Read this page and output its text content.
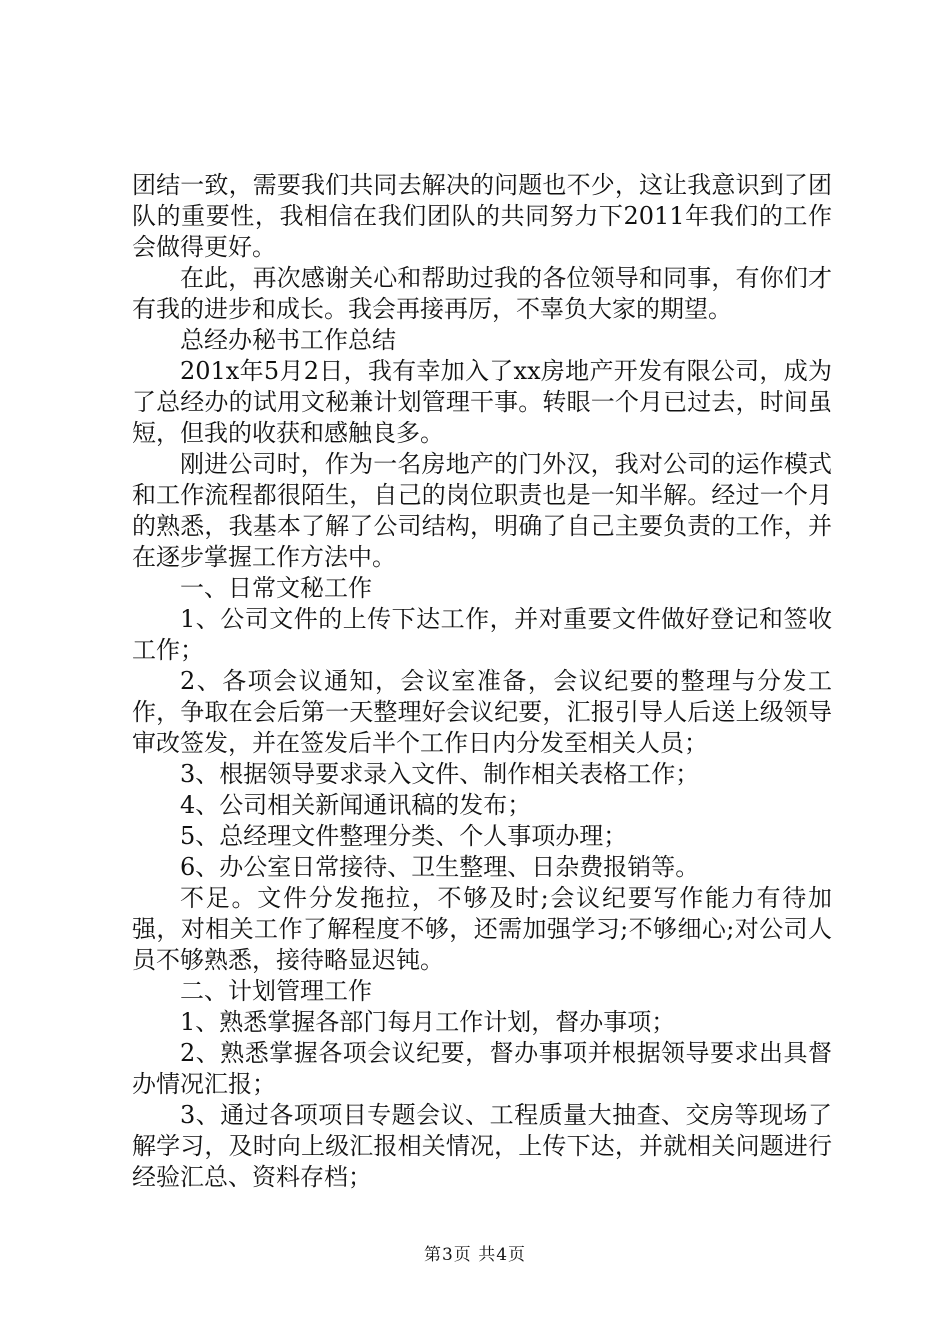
团结一致，需要我们共同去解决的问题也不少，这让我意识到了团队的重要性，我相信在我们团队的共同努力下2011年我们的工作会做得更好。

在此，再次感谢关心和帮助过我的各位领导和同事，有你们才有我的进步和成长。我会再接再厉，不辜负大家的期望。

总经办秘书工作总结

201x年5月2日，我有幸加入了xx房地产开发有限公司，成为了总经办的试用文秘兼计划管理干事。转眼一个月已过去，时间虽短，但我的收获和感触良多。

刚进公司时，作为一名房地产的门外汉，我对公司的运作模式和工作流程都很陌生，自己的岗位职责也是一知半解。经过一个月的熟悉，我基本了解了公司结构，明确了自己主要负责的工作，并在逐步掌握工作方法中。

一、日常文秘工作

1、公司文件的上传下达工作，并对重要文件做好登记和签收工作；

2、各项会议通知，会议室准备，会议纪要的整理与分发工作，争取在会后第一天整理好会议纪要，汇报引导人后送上级领导审改签发，并在签发后半个工作日内分发至相关人员；

3、根据领导要求录入文件、制作相关表格工作；

4、公司相关新闻通讯稿的发布；

5、总经理文件整理分类、个人事项办理；

6、办公室日常接待、卫生整理、日杂费报销等。

不足。文件分发拖拉，不够及时;会议纪要写作能力有待加强，对相关工作了解程度不够，还需加强学习;不够细心;对公司人员不够熟悉，接待略显迟钝。

二、计划管理工作

1、熟悉掌握各部门每月工作计划，督办事项；

2、熟悉掌握各项会议纪要，督办事项并根据领导要求出具督办情况汇报；

3、通过各项项目专题会议、工程质量大抽查、交房等现场了解学习，及时向上级汇报相关情况，上传下达，并就相关问题进行经验汇总、资料存档；

第3页 共4页
